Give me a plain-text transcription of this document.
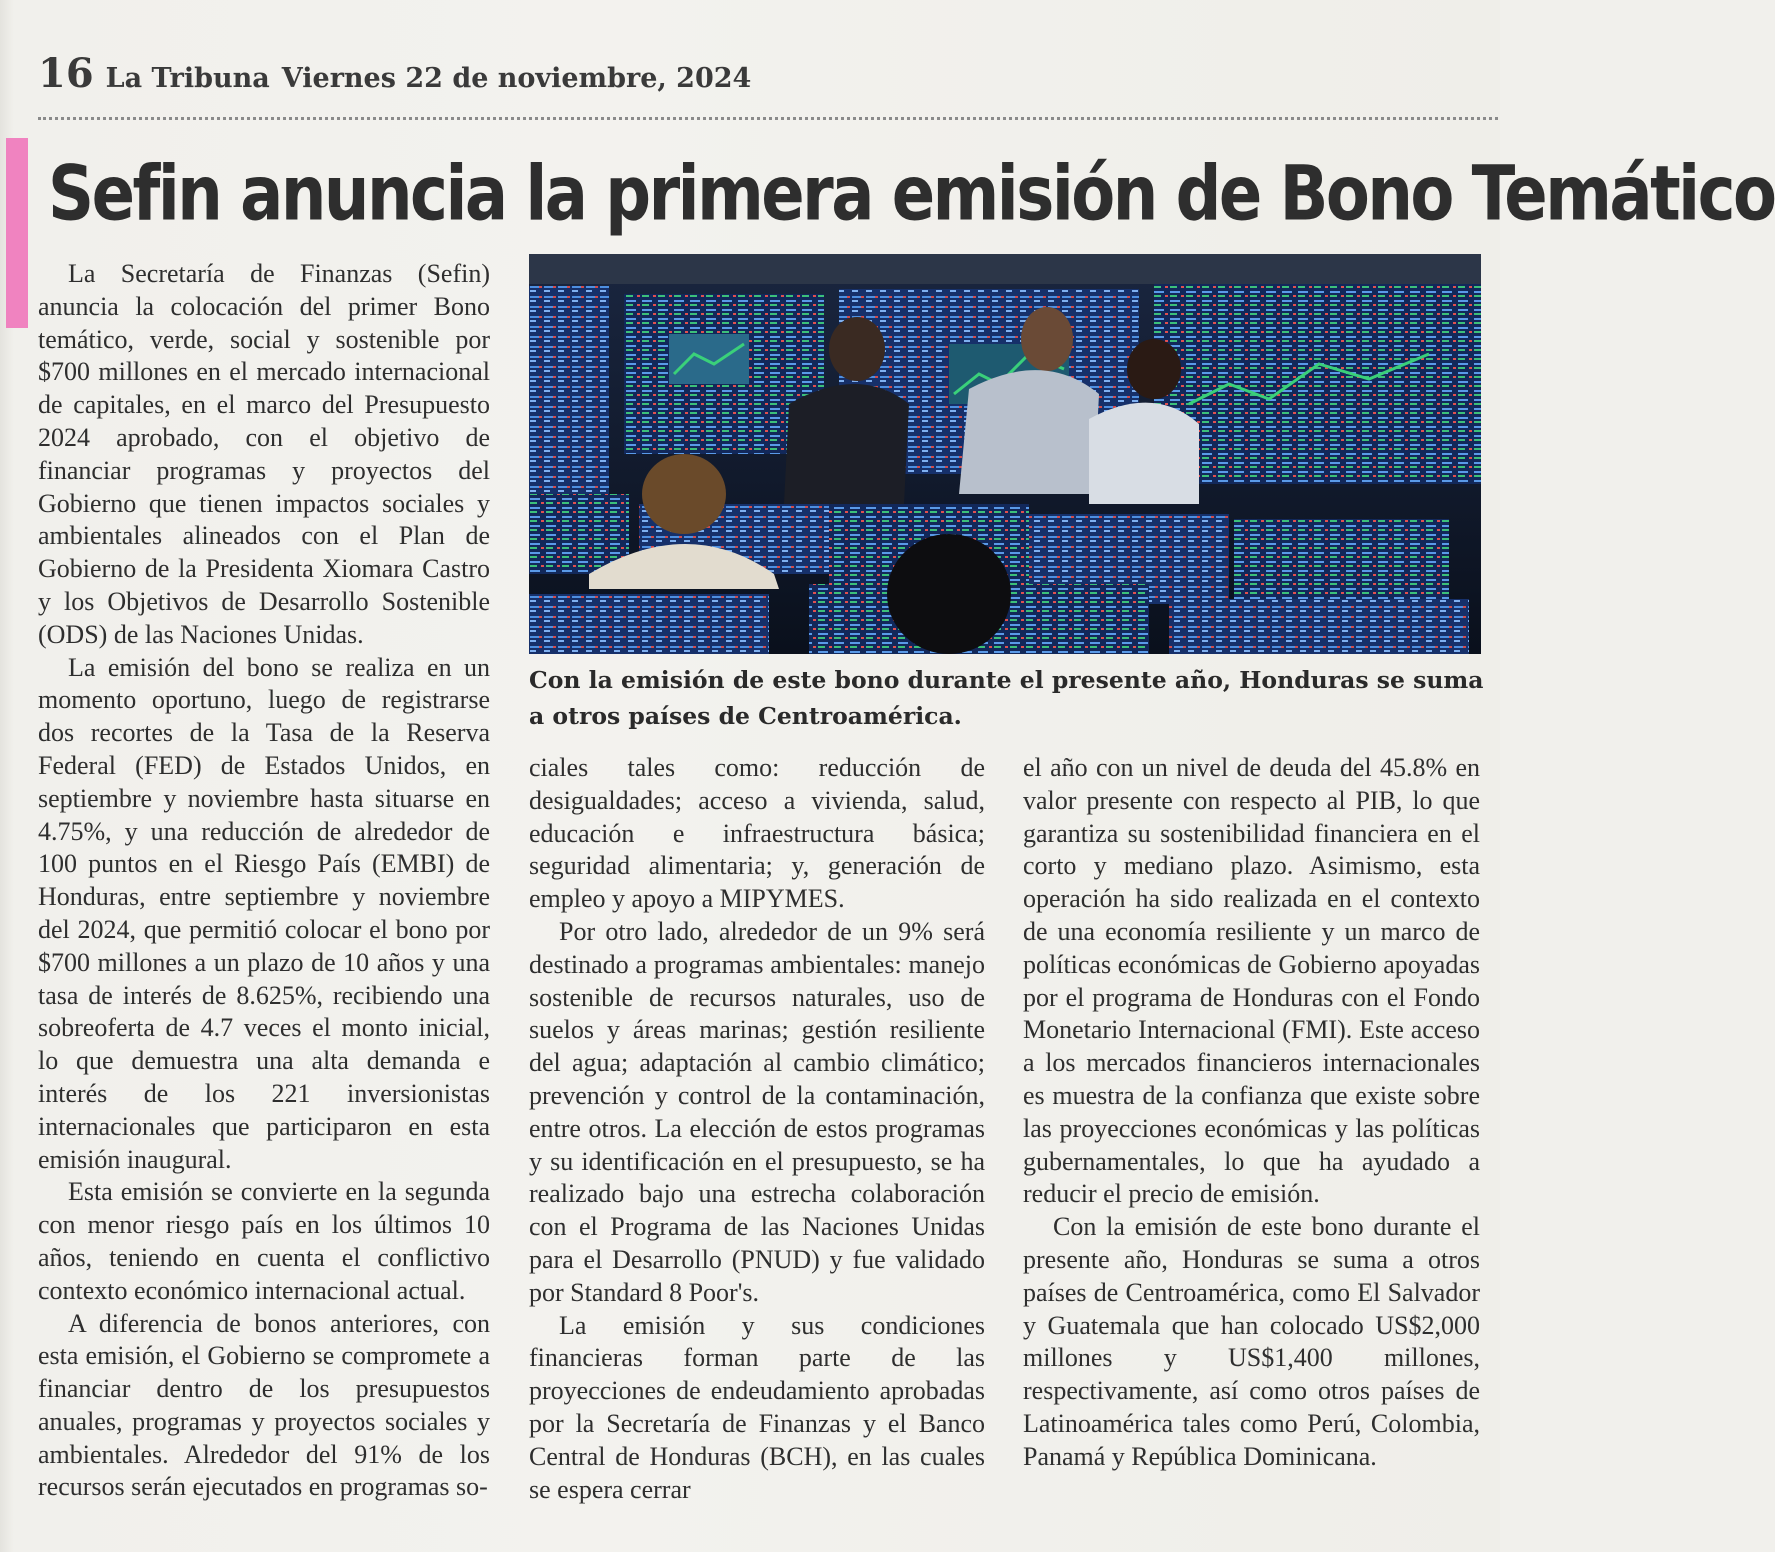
16 La Tribuna Viernes 22 de noviembre, 2024
Sefin anuncia la primera emisión de Bono Temático

La Secretaría de Finanzas (Sefin) anuncia la colocación del primer Bono temático, verde, social y sostenible por $700 millones en el mercado internacional de capitales, en el marco del Presupuesto 2024 aprobado, con el objetivo de financiar programas y proyectos del Gobierno que tienen impactos sociales y ambientales alineados con el Plan de Gobierno de la Presidenta Xiomara Castro y los Objetivos de Desarrollo Sostenible (ODS) de las Naciones Unidas.

La emisión del bono se realiza en un momento oportuno, luego de registrarse dos recortes de la Tasa de la Reserva Federal (FED) de Estados Unidos, en septiembre y noviembre hasta situarse en 4.75%, y una reducción de alrededor de 100 puntos en el Riesgo País (EMBI) de Honduras, entre septiembre y noviembre del 2024, que permitió colocar el bono por $700 millones a un plazo de 10 años y una tasa de interés de 8.625%, recibiendo una sobreoferta de 4.7 veces el monto inicial, lo que demuestra una alta demanda e interés de los 221 inversionistas internacionales que participaron en esta emisión inaugural.

Esta emisión se convierte en la segunda con menor riesgo país en los últimos 10 años, teniendo en cuenta el conflictivo contexto económico internacional actual.

A diferencia de bonos anteriores, con esta emisión, el Gobierno se compromete a financiar dentro de los presupuestos anuales, programas y proyectos sociales y ambientales. Alrededor del 91% de los recursos serán ejecutados en programas so-

Con la emisión de este bono durante el presente año, Honduras se suma a otros países de Centroamérica.

ciales tales como: reducción de desigualdades; acceso a vivienda, salud, educación e infraestructura básica; seguridad alimentaria; y, generación de empleo y apoyo a MIPYMES.

Por otro lado, alrededor de un 9% será destinado a programas ambientales: manejo sostenible de recursos naturales, uso de suelos y áreas marinas; gestión resiliente del agua; adaptación al cambio climático; prevención y control de la contaminación, entre otros. La elección de estos programas y su identificación en el presupuesto, se ha realizado bajo una estrecha colaboración con el Programa de las Naciones Unidas para el Desarrollo (PNUD) y fue validado por Standard 8 Poor's.

La emisión y sus condiciones financieras forman parte de las proyecciones de endeudamiento aprobadas por la Secretaría de Finanzas y el Banco Central de Honduras (BCH), en las cuales se espera cerrar

el año con un nivel de deuda del 45.8% en valor presente con respecto al PIB, lo que garantiza su sostenibilidad financiera en el corto y mediano plazo. Asimismo, esta operación ha sido realizada en el contexto de una economía resiliente y un marco de políticas económicas de Gobierno apoyadas por el programa de Honduras con el Fondo Monetario Internacional (FMI). Este acceso a los mercados financieros internacionales es muestra de la confianza que existe sobre las proyecciones económicas y las políticas gubernamentales, lo que ha ayudado a reducir el precio de emisión.

Con la emisión de este bono durante el presente año, Honduras se suma a otros países de Centroamérica, como El Salvador y Guatemala que han colocado US$2,000 millones y US$1,400 millones, respectivamente, así como otros países de Latinoamérica tales como Perú, Colombia, Panamá y República Dominicana.
